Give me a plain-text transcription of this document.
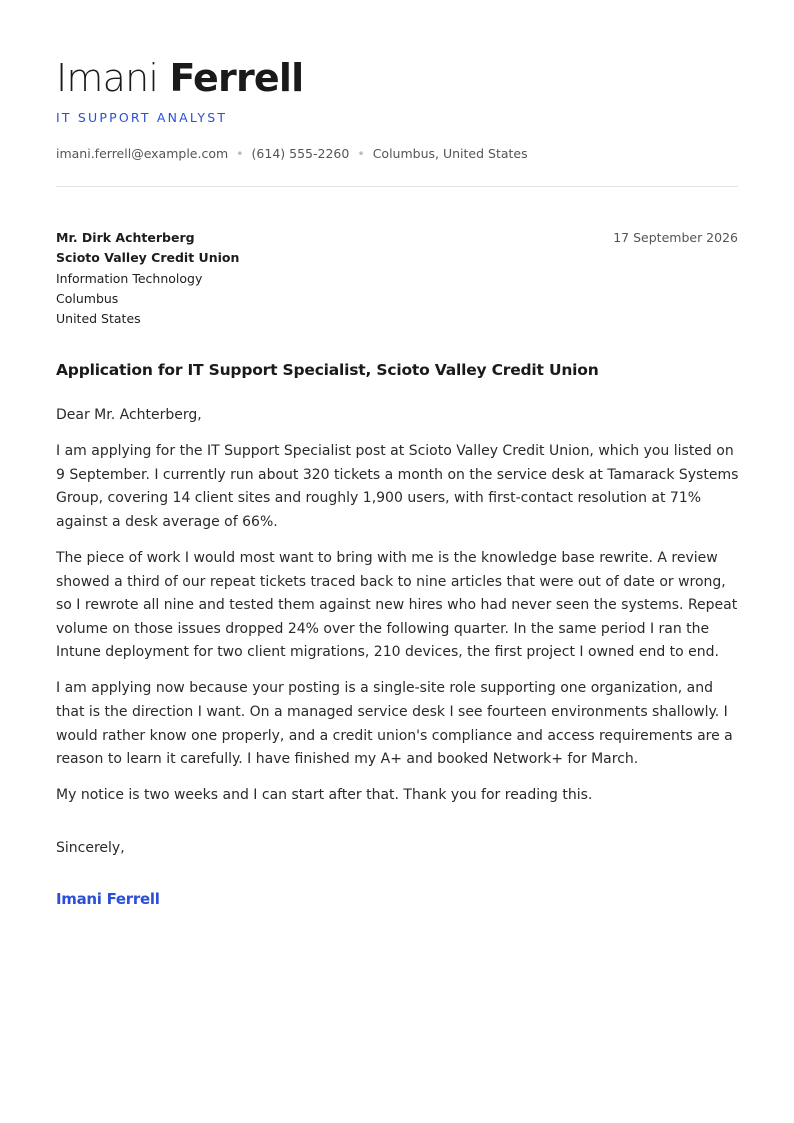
Imani Ferrell
IT SUPPORT ANALYST
imani.ferrell@example.com • (614) 555-2260 • Columbus, United States
Mr. Dirk Achterberg
Scioto Valley Credit Union
Information Technology
Columbus
United States
17 September 2026
Application for IT Support Specialist, Scioto Valley Credit Union

Dear Mr. Achterberg,

I am applying for the IT Support Specialist post at Scioto Valley Credit Union, which you listed on 9 September. I currently run about 320 tickets a month on the service desk at Tamarack Systems Group, covering 14 client sites and roughly 1,900 users, with first-contact resolution at 71% against a desk average of 66%.

The piece of work I would most want to bring with me is the knowledge base rewrite. A review showed a third of our repeat tickets traced back to nine articles that were out of date or wrong, so I rewrote all nine and tested them against new hires who had never seen the systems. Repeat volume on those issues dropped 24% over the following quarter. In the same period I ran the Intune deployment for two client migrations, 210 devices, the first project I owned end to end.

I am applying now because your posting is a single-site role supporting one organization, and that is the direction I want. On a managed service desk I see fourteen environments shallowly. I would rather know one properly, and a credit union's compliance and access requirements are a reason to learn it carefully. I have finished my A+ and booked Network+ for March.

My notice is two weeks and I can start after that. Thank you for reading this.

Sincerely,
Imani Ferrell
